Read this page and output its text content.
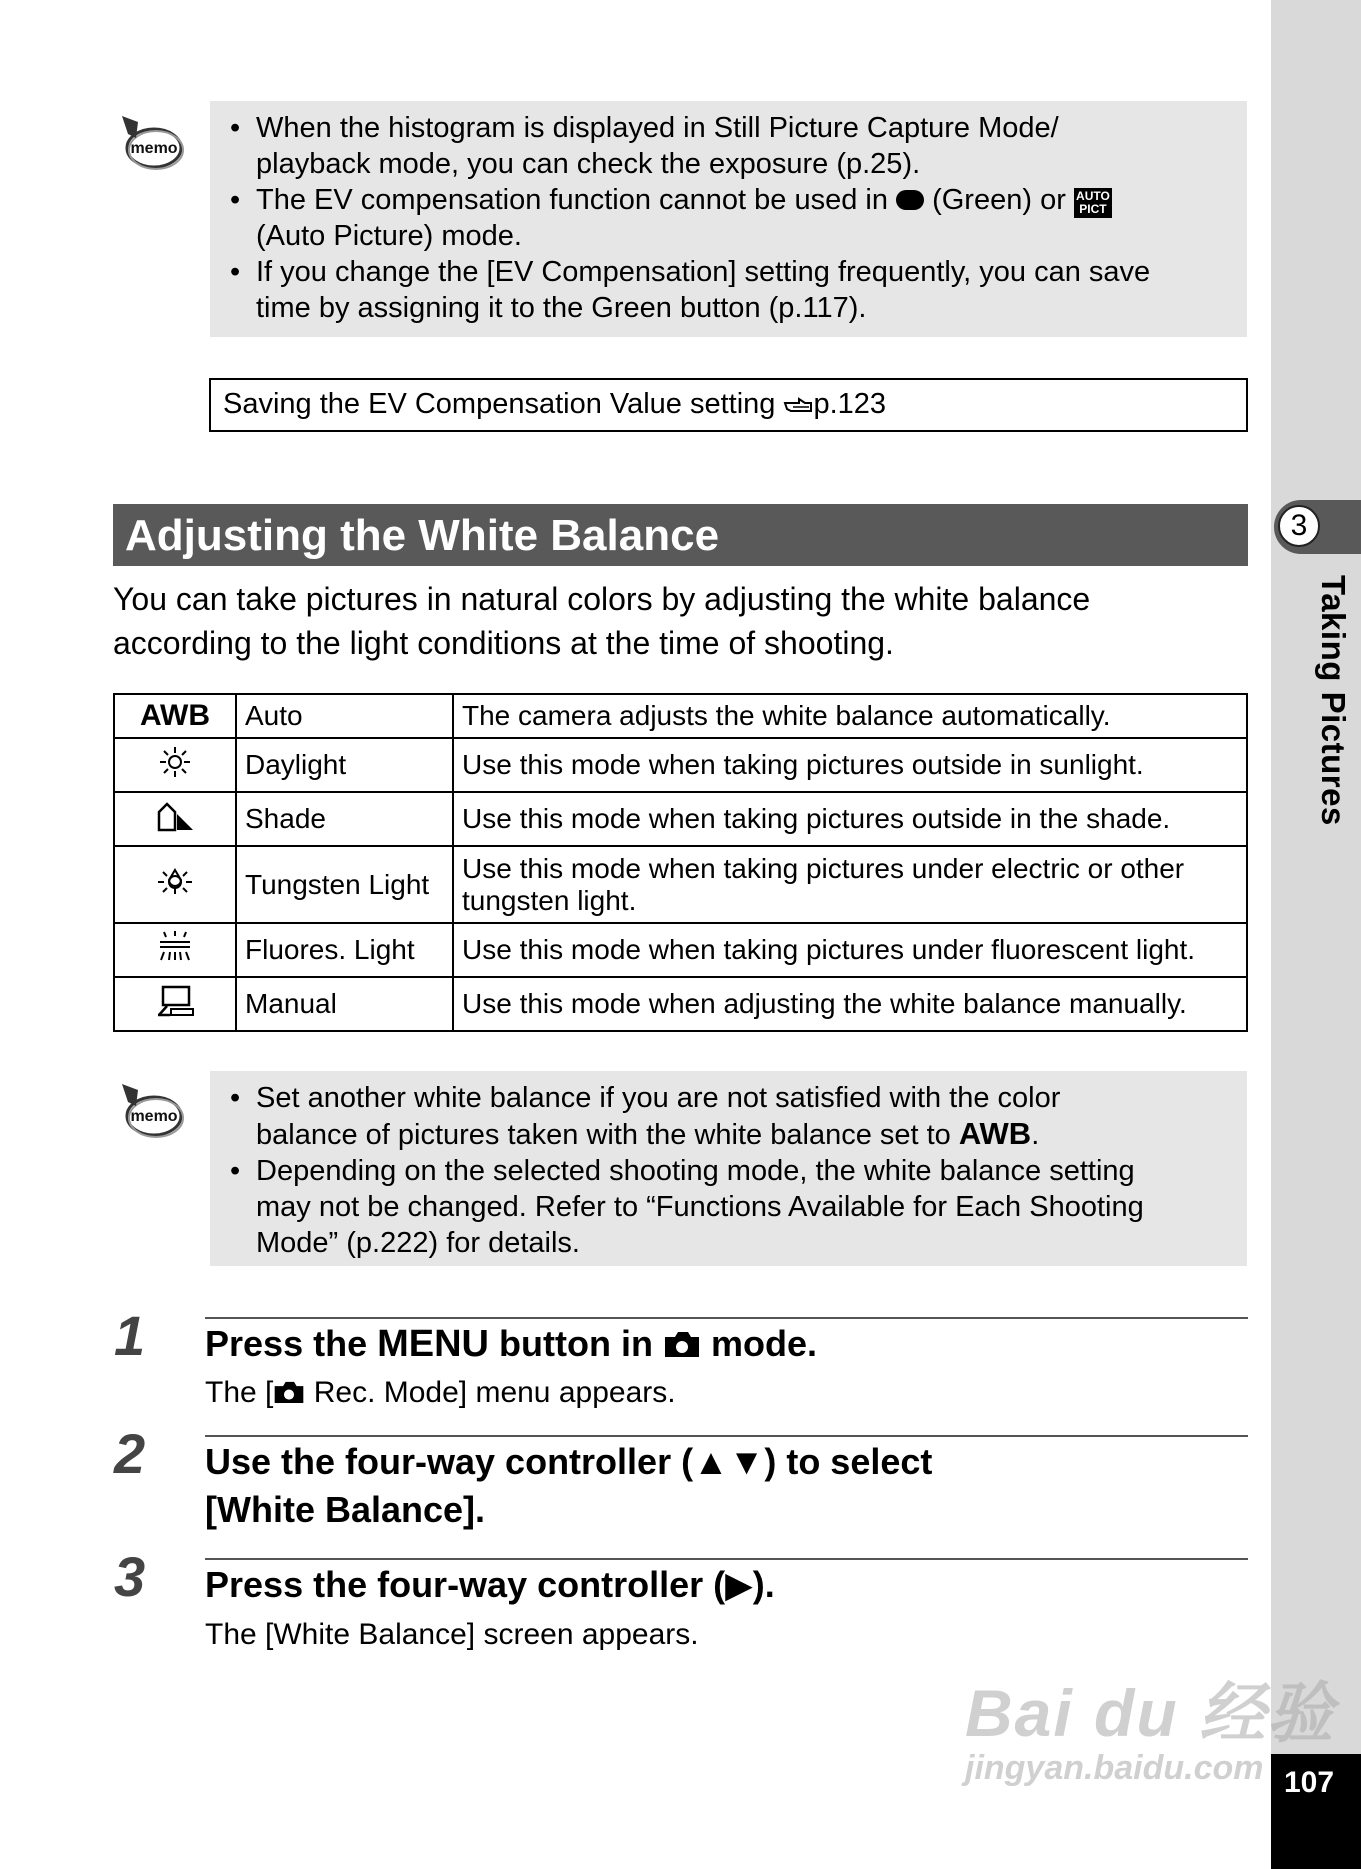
3
Taking Pictures
107
memo
• When the histogram is displayed in Still Picture Capture Mode/
playback mode, you can check the exposure (p.25).
• The EV compensation function cannot be used in (Green) or AUTO PICT
(Auto Picture) mode.
• If you change the [EV Compensation] setting frequently, you can save
time by assigning it to the Green button (p.117).
Saving the EV Compensation Value setting p.123
Adjusting the White Balance
You can take pictures in natural colors by adjusting the white balance
according to the light conditions at the time of shooting.
AWB	Auto	The camera adjusts the white balance automatically.
	Daylight	Use this mode when taking pictures outside in sunlight.
	Shade	Use this mode when taking pictures outside in the shade.
	Tungsten Light	Use this mode when taking pictures under electric or other
tungsten light.
	Fluores. Light	Use this mode when taking pictures under fluorescent light.
	Manual	Use this mode when adjusting the white balance manually.
memo
• Set another white balance if you are not satisfied with the color
balance of pictures taken with the white balance set to AWB.
• Depending on the selected shooting mode, the white balance setting
may not be changed. Refer to “Functions Available for Each Shooting
Mode” (p.222) for details.
1 Press the MENU button in mode.
The [ Rec. Mode] menu appears.
2 Use the four-way controller (▲▼) to select
[White Balance].
3 Press the four-way controller (▶).
The [White Balance] screen appears.
Bai du 经验
jingyan.baidu.com
